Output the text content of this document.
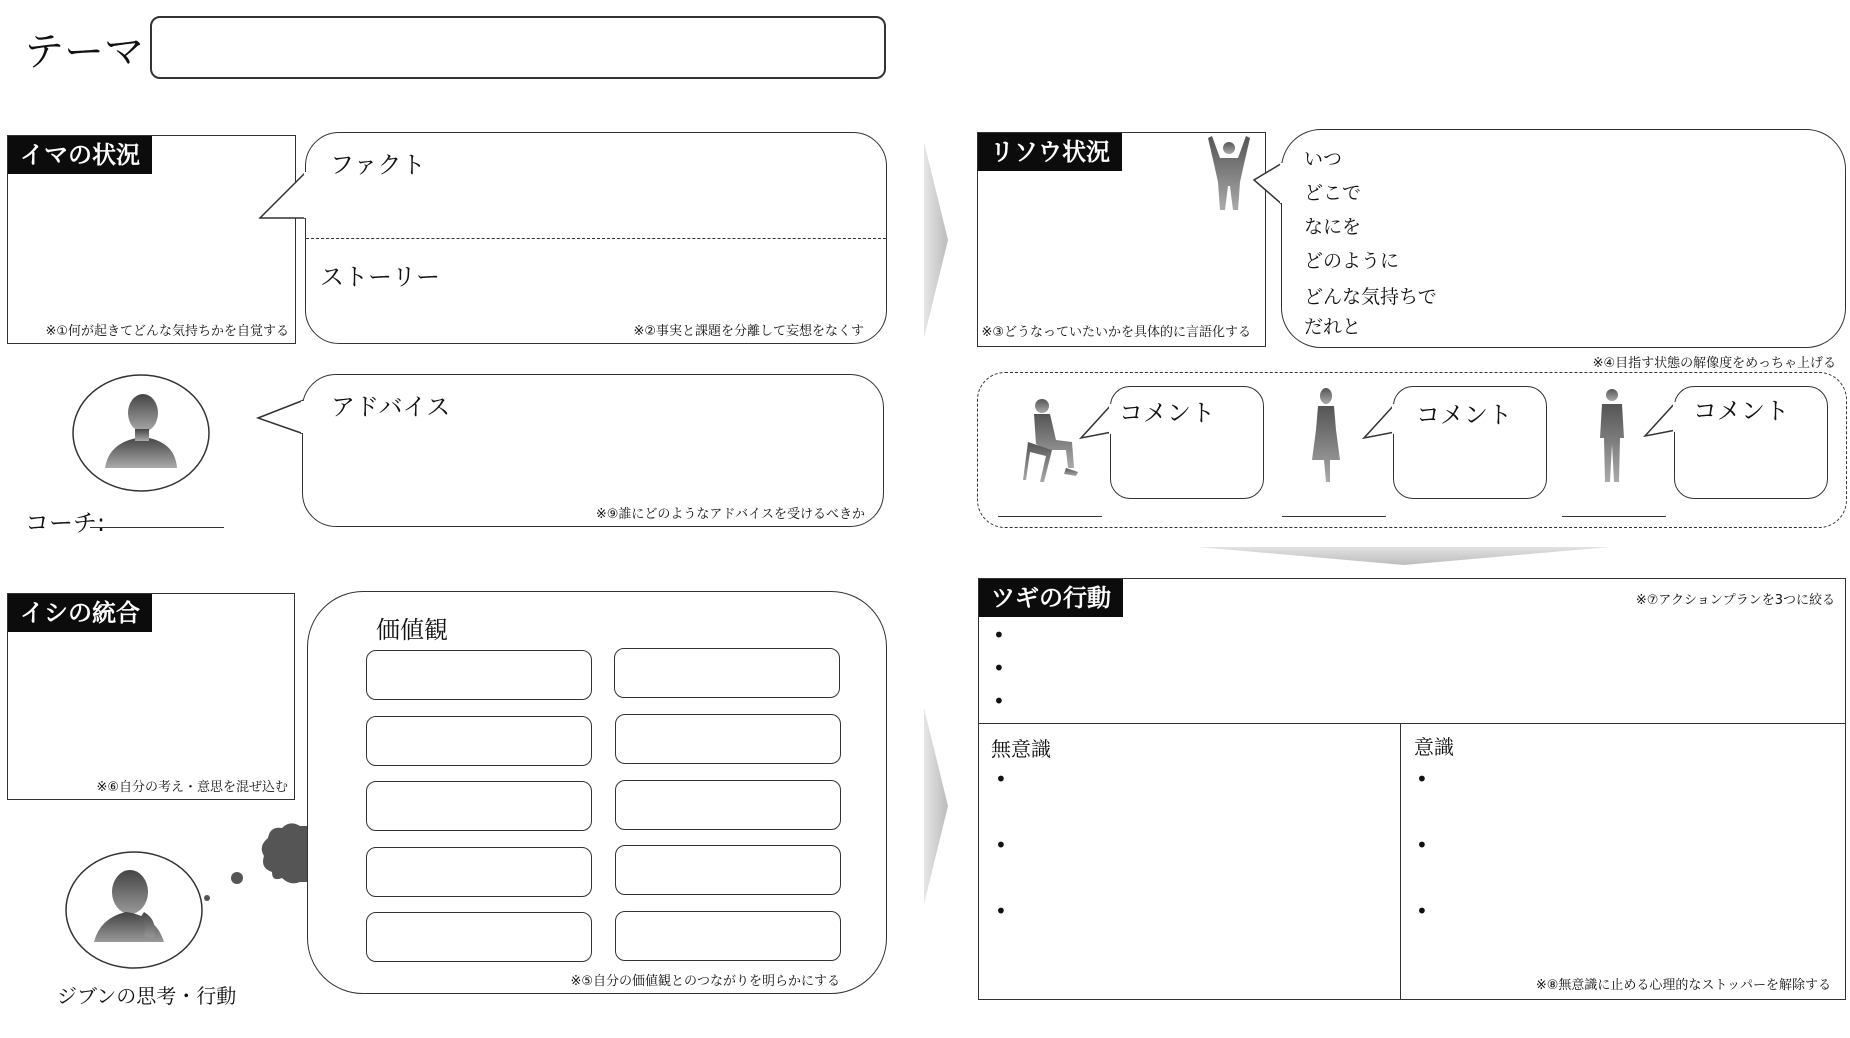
テーマ
イマの状況
※①何が起きてどんな気持ちかを自覚する
ファクト
ストーリー
※②事実と課題を分離して妄想をなくす
コーチ:
アドバイス
※⑨誰にどのようなアドバイスを受けるべきか
イシの統合
※⑥自分の考え・意思を混ぜ込む
ジブンの思考・行動
価値観
※⑤自分の価値観とのつながりを明らかにする
リソウ状況
※③どうなっていたいかを具体的に言語化する
いつ
どこで
なにを
どのように
どんな気持ちで
だれと
※④目指す状態の解像度をめっちゃ上げる
コメント	コメント	コメント
ツギの行動	※⑦アクションプランを3つに絞る
•
•
•
無意識
•
•
•
意識
•
•
•
※⑧無意識に止める心理的なストッパーを解除する
